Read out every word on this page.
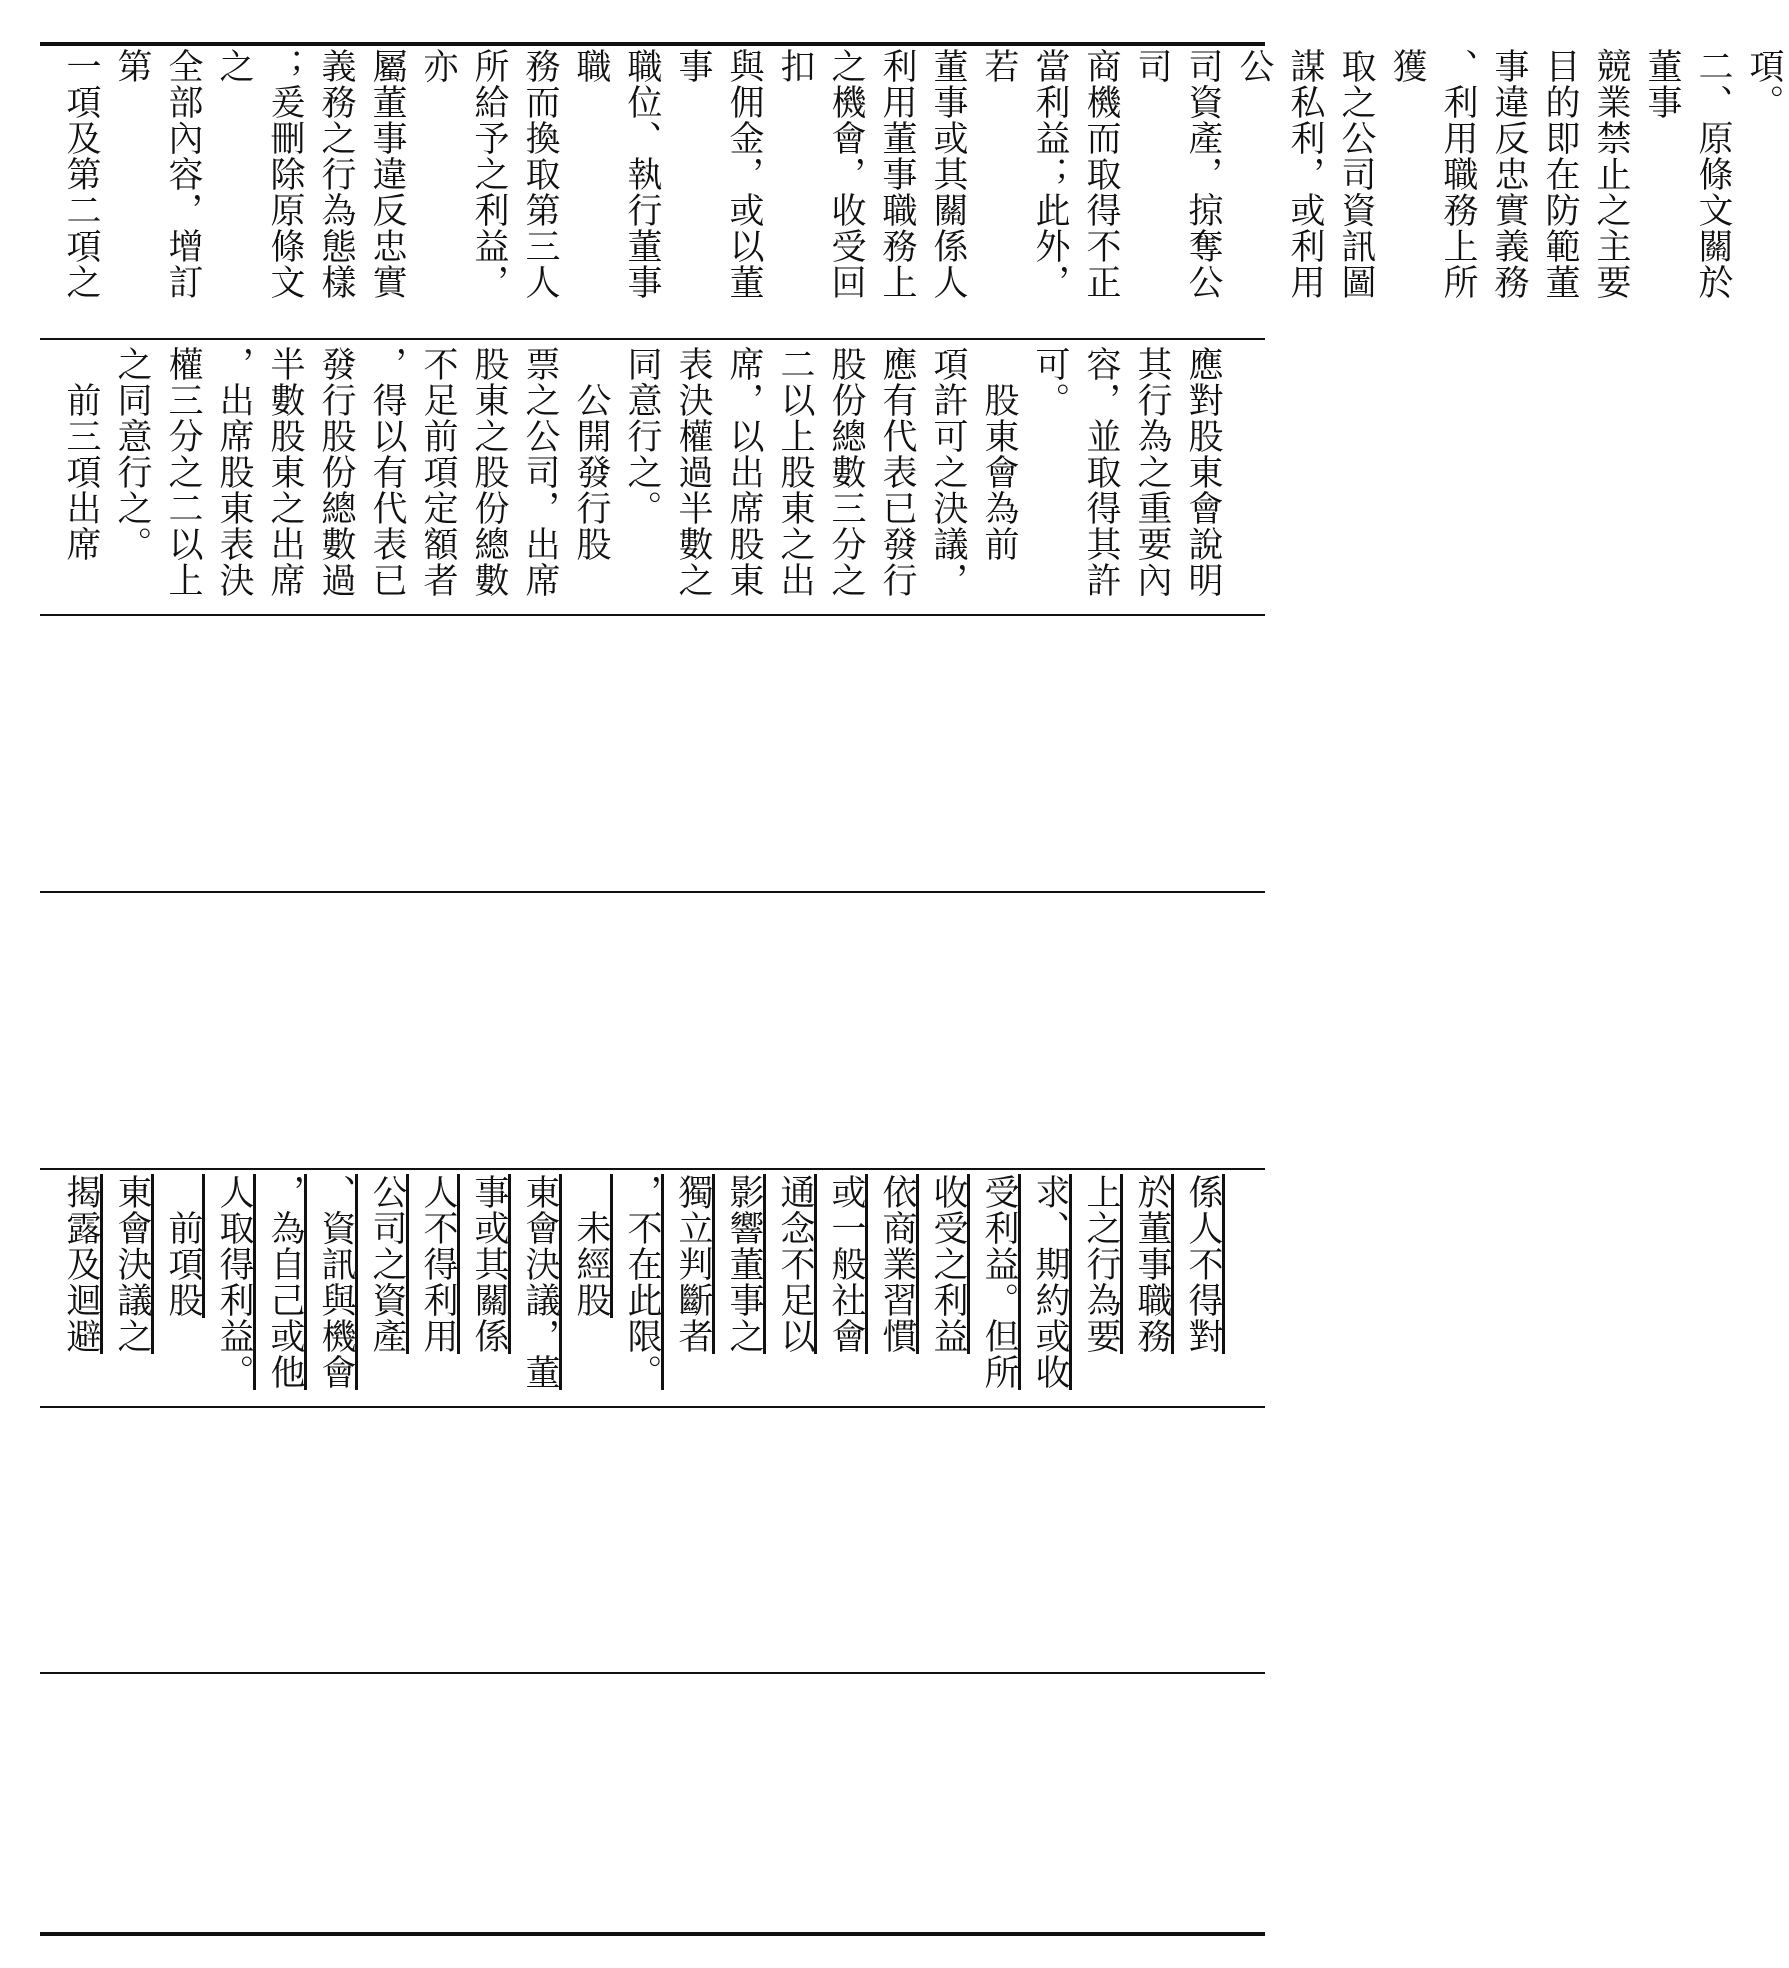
項。
二、原條文關於董事
競業禁止之主要
目的即在防範董
事違反忠實義務
、利用職務上所獲
取之公司資訊圖
謀私利，或利用公
司資產，掠奪公司
商機而取得不正
當利益；此外，若
董事或其關係人
利用董事職務上
之機會，收受回扣
與佣金，或以董事
職位、執行董事職
務而換取第三人
所給予之利益，亦
屬董事違反忠實
義務之行為態樣
；爰刪除原條文之
全部內容，增訂第
一項及第二項之
應對股東會說明
其行為之重要內
容，並取得其許
可。
　股東會為前
項許可之決議，
應有代表已發行
股份總數三分之
二以上股東之出
席，以出席股東
表決權過半數之
同意行之。
　公開發行股
票之公司，出席
股東之股份總數
不足前項定額者
，得以有代表已
發行股份總數過
半數股東之出席
，出席股東表決
權三分之二以上
之同意行之。
　前三項出席
係人不得對
於董事職務
上之行為要
求、期約或收
受利益。但所
收受之利益
依商業習慣
或一般社會
通念不足以
影響董事之
獨立判斷者
，不在此限。
　未經股
東會決議，董
事或其關係
人不得利用
公司之資產
、資訊與機會
，為自己或他
人取得利益。
　前項股
東會決議之
揭露及迴避
